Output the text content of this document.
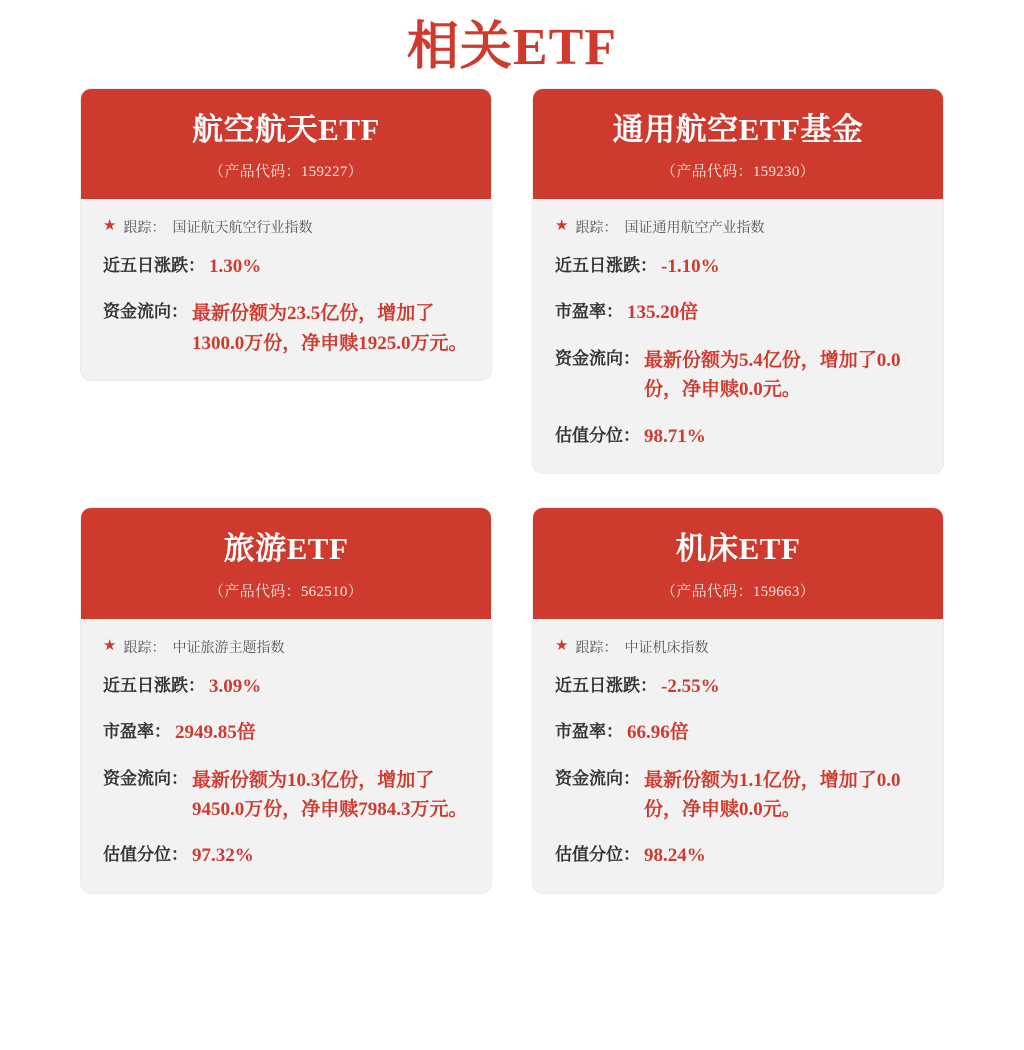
相关ETF
航空航天ETF
（产品代码：159227）
★ 跟踪： 国证航天航空行业指数
近五日涨跌： 1.30%
资金流向： 最新份额为23.5亿份，增加了1300.0万份，净申赎1925.0万元。
通用航空ETF基金
（产品代码：159230）
★ 跟踪： 国证通用航空产业指数
近五日涨跌： -1.10%
市盈率： 135.20倍
资金流向： 最新份额为5.4亿份，增加了0.0份，净申赎0.0元。
估值分位： 98.71%
旅游ETF
（产品代码：562510）
★ 跟踪： 中证旅游主题指数
近五日涨跌： 3.09%
市盈率： 2949.85倍
资金流向： 最新份额为10.3亿份，增加了9450.0万份，净申赎7984.3万元。
估值分位： 97.32%
机床ETF
（产品代码：159663）
★ 跟踪： 中证机床指数
近五日涨跌： -2.55%
市盈率： 66.96倍
资金流向： 最新份额为1.1亿份，增加了0.0份，净申赎0.0元。
估值分位： 98.24%
